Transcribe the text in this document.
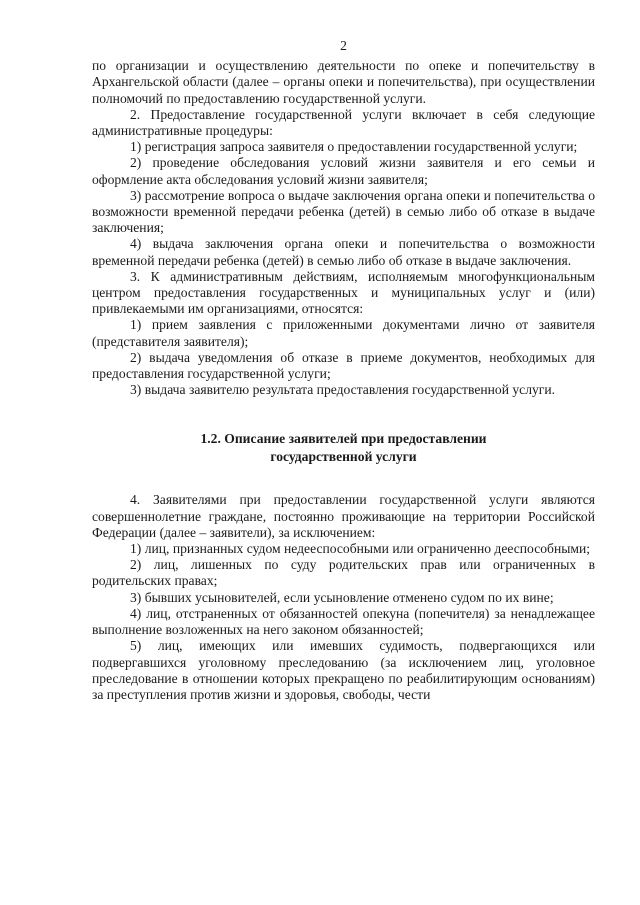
2

по организации и осуществлению деятельности по опеке и попечительству в Архангельской области (далее – органы опеки и попечительства), при осуществлении полномочий по предоставлению государственной услуги.

2. Предоставление государственной услуги включает в себя следующие административные процедуры:

1) регистрация запроса заявителя о предоставлении государственной услуги;

2) проведение обследования условий жизни заявителя и его семьи и оформление акта обследования условий жизни заявителя;

3) рассмотрение вопроса о выдаче заключения органа опеки и попечительства о возможности временной передачи ребенка (детей) в семью либо об отказе в выдаче заключения;

4) выдача заключения органа опеки и попечительства о возможности временной передачи ребенка (детей) в семью либо об отказе в выдаче заключения.

3. К административным действиям, исполняемым многофункциональным центром предоставления государственных и муниципальных услуг и (или) привлекаемыми им организациями, относятся:

1) прием заявления с приложенными документами лично от заявителя (представителя заявителя);

2) выдача уведомления об отказе в приеме документов, необходимых для предоставления государственной услуги;

3) выдача заявителю результата предоставления государственной услуги.

1.2. Описание заявителей при предоставлении
государственной услуги

4. Заявителями при предоставлении государственной услуги являются совершеннолетние граждане, постоянно проживающие на территории Российской Федерации (далее – заявители), за исключением:

1) лиц, признанных судом недееспособными или ограниченно дееспособными;

2) лиц, лишенных по суду родительских прав или ограниченных в родительских правах;

3) бывших усыновителей, если усыновление отменено судом по их вине;

4) лиц, отстраненных от обязанностей опекуна (попечителя) за ненадлежащее выполнение возложенных на него законом обязанностей;

5) лиц, имеющих или имевших судимость, подвергающихся или подвергавшихся уголовному преследованию (за исключением лиц, уголовное преследование в отношении которых прекращено по реабилитирующим основаниям) за преступления против жизни и здоровья, свободы, чести
